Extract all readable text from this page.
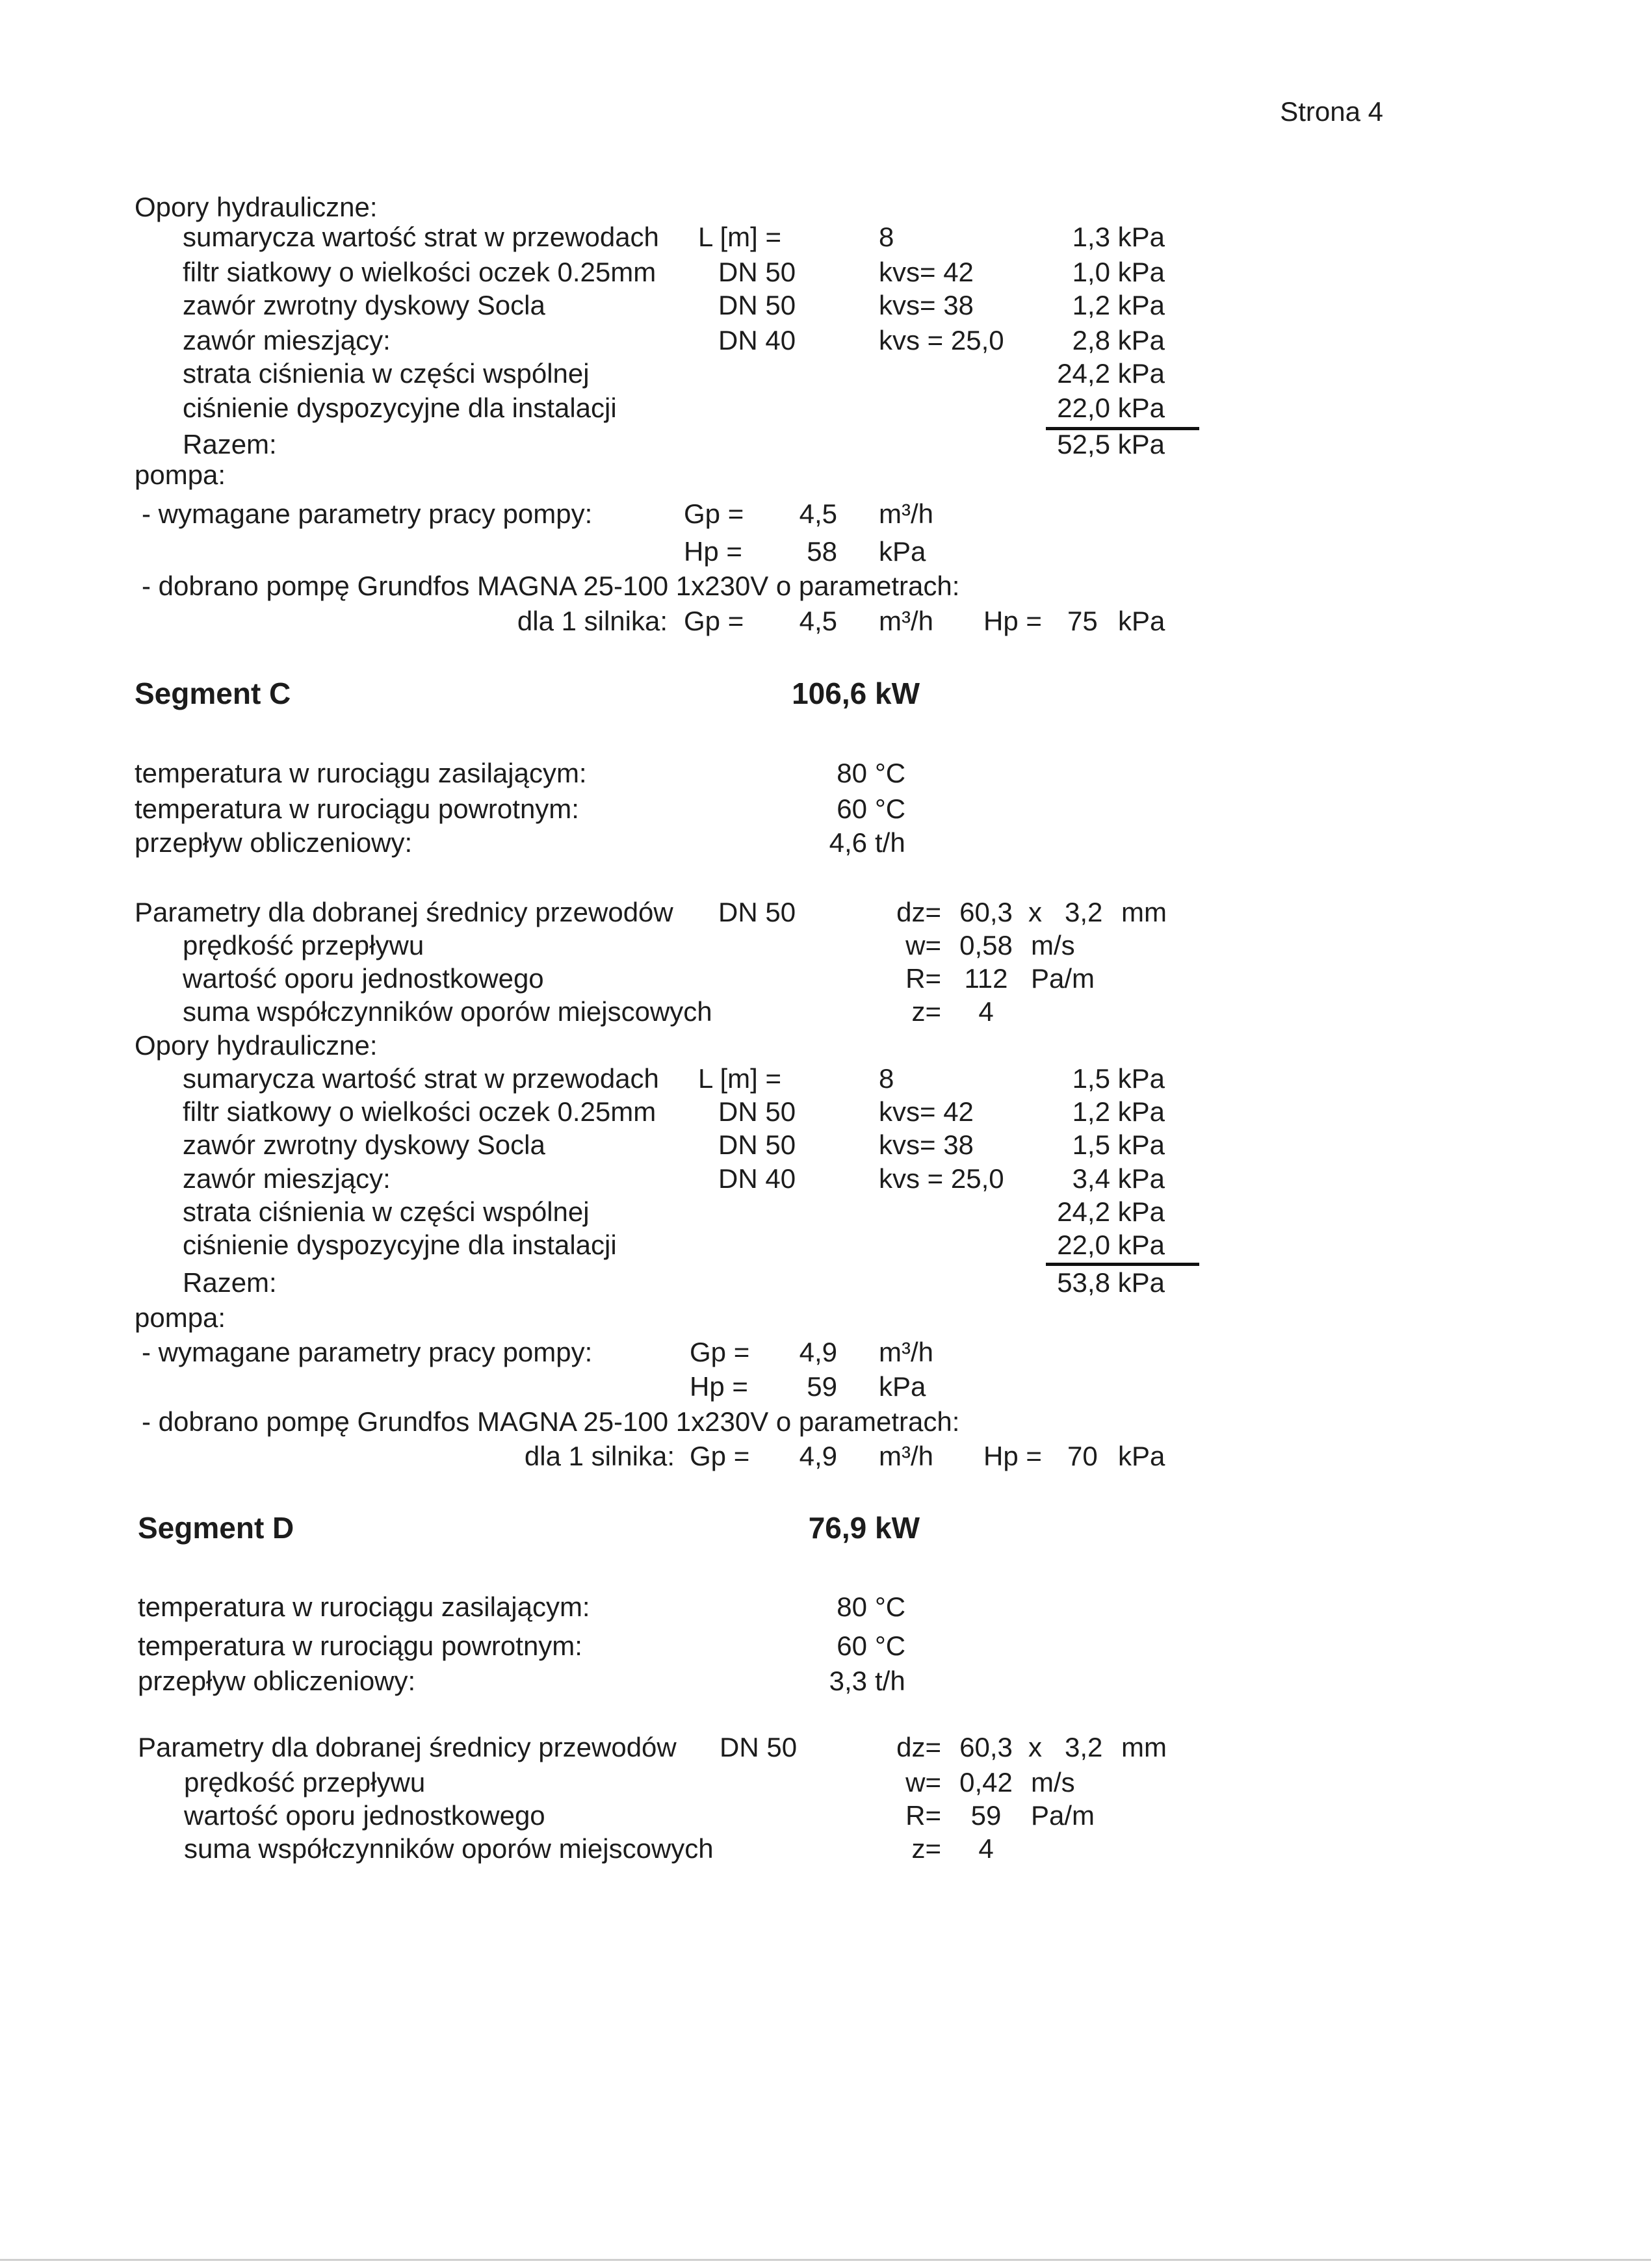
Strona 4
Opory hydrauliczne:
sumarycza wartość strat w przewodach L [m] =	8	1,3 kPa
filtr siatkowy o wielkości oczek 0.25mm DN 50	kvs= 42	1,0 kPa
zawór zwrotny dyskowy Socla	DN 50	kvs= 38	1,2 kPa
zawór mieszjący:	DN 40	kvs = 25,0 2,8 kPa
strata ciśnienia w części wspólnej	24,2 kPa
ciśnienie dyspozycyjne dla instalacji	22,0 kPa
Razem:	52,5 kPa
pompa:
- wymagane parametry pracy pompy:	Gp = 4,5 m³/h
Hp = 58 kPa
- dobrano pompę Grundfos MAGNA 25-100 1x230V o parametrach:
dla 1 silnika: Gp = 4,5 m³/h Hp = 75 kPa
Segment C	106,6 kW
temperatura w rurociągu zasilającym:	80 °C
temperatura w rurociągu powrotnym:	60 °C
przepływ obliczeniowy:	4,6 t/h
Parametry dla dobranej średnicy przewodów DN 50	dz= 60,3 x 3,2 mm
prędkość przepływu	w= 0,58 m/s
wartość oporu jednostkowego	R= 112 Pa/m
suma współczynników oporów miejscowych	z=	4
Opory hydrauliczne:
sumarycza wartość strat w przewodach L [m] =	8	1,5 kPa
filtr siatkowy o wielkości oczek 0.25mm DN 50	kvs= 42	1,2 kPa
zawór zwrotny dyskowy Socla	DN 50	kvs= 38	1,5 kPa
zawór mieszjący:	DN 40	kvs = 25,0 3,4 kPa
strata ciśnienia w części wspólnej	24,2 kPa
ciśnienie dyspozycyjne dla instalacji	22,0 kPa
Razem:	53,8 kPa
pompa:
- wymagane parametry pracy pompy:	Gp = 4,9 m³/h
Hp = 59 kPa
- dobrano pompę Grundfos MAGNA 25-100 1x230V o parametrach:
dla 1 silnika: Gp = 4,9 m³/h Hp = 70 kPa
Segment D	76,9 kW
temperatura w rurociągu zasilającym:	80 °C
temperatura w rurociągu powrotnym:	60 °C
przepływ obliczeniowy:	3,3 t/h
Parametry dla dobranej średnicy przewodów DN 50	dz= 60,3 x 3,2 mm
prędkość przepływu	w= 0,42 m/s
wartość oporu jednostkowego	R=	59	Pa/m
suma współczynników oporów miejscowych	z=	4
